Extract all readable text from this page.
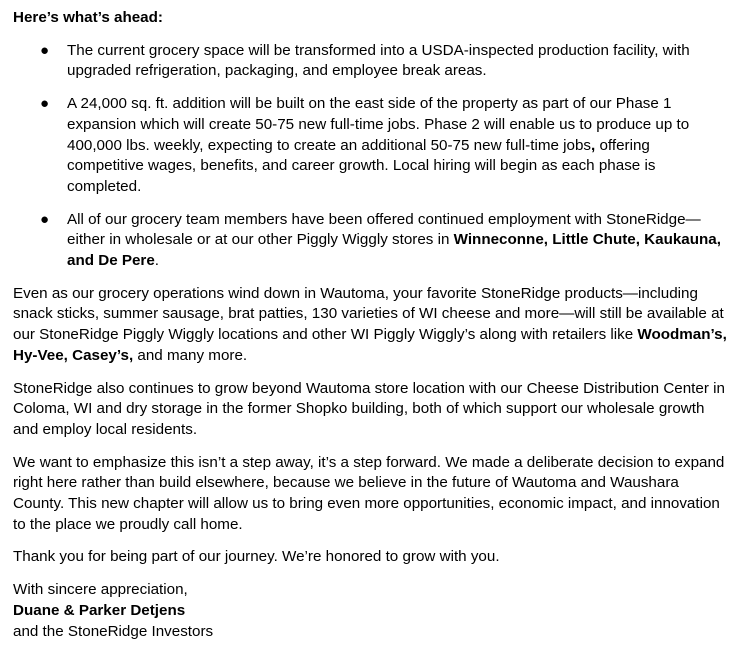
Here’s what’s ahead:
● The current grocery space will be transformed into a USDA-inspected production facility, with upgraded refrigeration, packaging, and employee break areas.
● A 24,000 sq. ft. addition will be built on the east side of the property as part of our Phase 1 expansion which will create 50-75 new full-time jobs. Phase 2 will enable us to produce up to 400,000 lbs. weekly, expecting to create an additional 50-75 new full-time jobs, offering competitive wages, benefits, and career growth. Local hiring will begin as each phase is completed.
● All of our grocery team members have been offered continued employment with StoneRidge—either in wholesale or at our other Piggly Wiggly stores in Winneconne, Little Chute, Kaukauna, and De Pere.

Even as our grocery operations wind down in Wautoma, your favorite StoneRidge products—including snack sticks, summer sausage, brat patties, 130 varieties of WI cheese and more—will still be available at our StoneRidge Piggly Wiggly locations and other WI Piggly Wiggly’s along with retailers like Woodman’s, Hy-Vee, Casey’s, and many more.

StoneRidge also continues to grow beyond Wautoma store location with our Cheese Distribution Center in Coloma, WI and dry storage in the former Shopko building, both of which support our wholesale growth and employ local residents.

We want to emphasize this isn’t a step away, it’s a step forward. We made a deliberate decision to expand right here rather than build elsewhere, because we believe in the future of Wautoma and Waushara County. This new chapter will allow us to bring even more opportunities, economic impact, and innovation to the place we proudly call home.

Thank you for being part of our journey. We’re honored to grow with you.

With sincere appreciation,
Duane & Parker Detjens
and the StoneRidge Investors
